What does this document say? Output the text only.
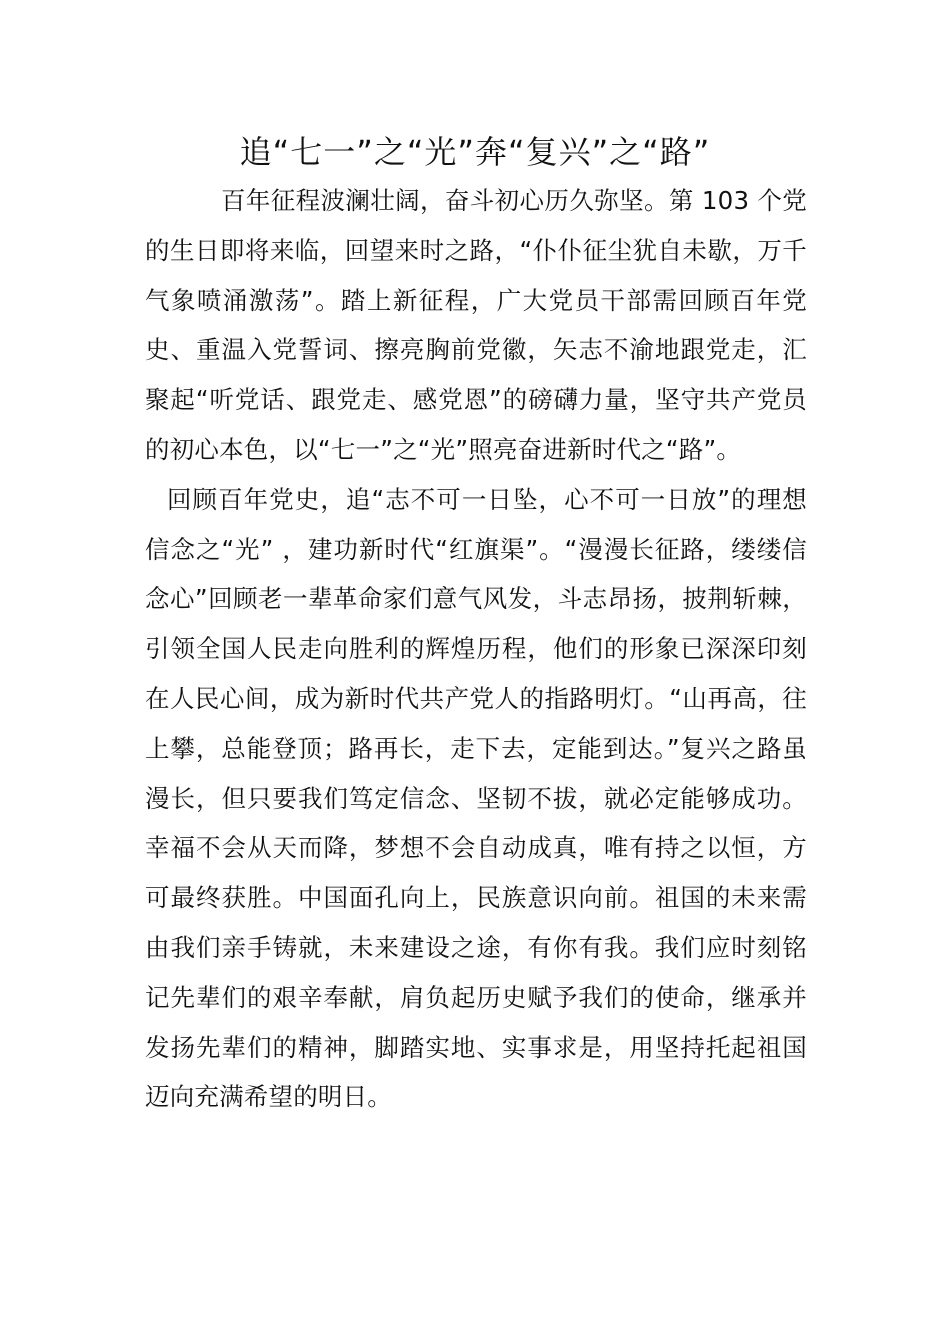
追“七一”之“光”奔“复兴”之“路”

百年征程波澜壮阔，奋斗初心历久弥坚。第 103 个党的生日即将来临，回望来时之路，“仆仆征尘犹自未歇，万千气象喷涌激荡”。踏上新征程，广大党员干部需回顾百年党史、重温入党誓词、擦亮胸前党徽，矢志不渝地跟党走，汇聚起“听党话、跟党走、感党恩”的磅礴力量，坚守共产党员的初心本色，以“七一”之“光”照亮奋进新时代之“路”。

回顾百年党史，追“志不可一日坠，心不可一日放”的理想信念之“光” ，建功新时代“红旗渠”。“漫漫长征路，缕缕信念心”回顾老一辈革命家们意气风发，斗志昂扬，披荆斩棘，引领全国人民走向胜利的辉煌历程，他们的形象已深深印刻在人民心间，成为新时代共产党人的指路明灯。“山再高，往上攀，总能登顶；路再长，走下去，定能到达。”复兴之路虽漫长，但只要我们笃定信念、坚韧不拔，就必定能够成功。幸福不会从天而降，梦想不会自动成真，唯有持之以恒，方可最终获胜。中国面孔向上，民族意识向前。祖国的未来需由我们亲手铸就，未来建设之途，有你有我。我们应时刻铭记先辈们的艰辛奉献，肩负起历史赋予我们的使命，继承并发扬先辈们的精神，脚踏实地、实事求是，用坚持托起祖国迈向充满希望的明日。
